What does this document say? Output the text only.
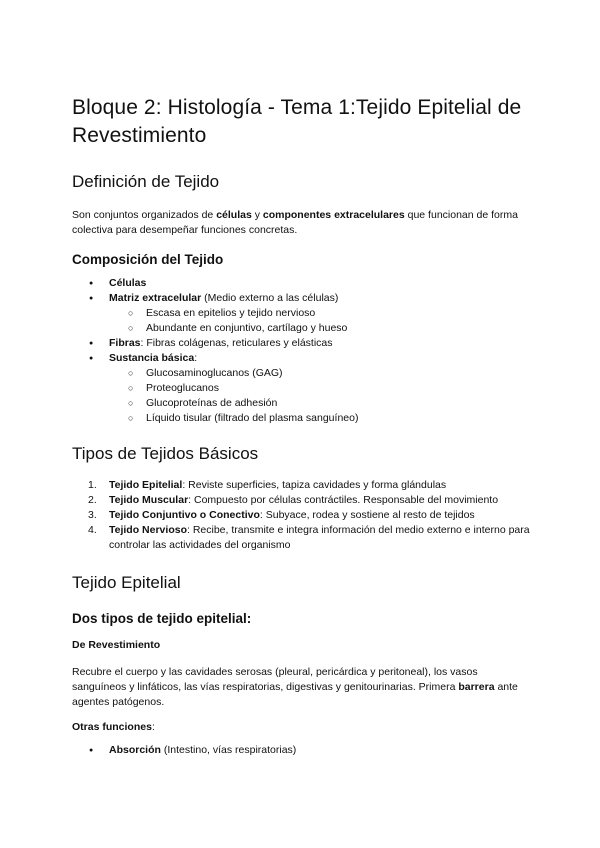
Bloque 2: Histología - Tema 1:Tejido Epitelial de Revestimiento
Definición de Tejido

Son conjuntos organizados de células y componentes extracelulares que funcionan de forma colectiva para desempeñar funciones concretas.

Composición del Tejido
● Células
● Matriz extracelular (Medio externo a las células)
○ Escasa en epitelios y tejido nervioso
○ Abundante en conjuntivo, cartílago y hueso
● Fibras: Fibras colágenas, reticulares y elásticas
● Sustancia básica:
○ Glucosaminoglucanos (GAG)
○ Proteoglucanos
○ Glucoproteínas de adhesión
○ Líquido tisular (filtrado del plasma sanguíneo)
Tipos de Tejidos Básicos
1. Tejido Epitelial: Reviste superficies, tapiza cavidades y forma glándulas
2. Tejido Muscular: Compuesto por células contráctiles. Responsable del movimiento
3. Tejido Conjuntivo o Conectivo: Subyace, rodea y sostiene al resto de tejidos
4. Tejido Nervioso: Recibe, transmite e integra información del medio externo e interno para controlar las actividades del organismo
Tejido Epitelial
Dos tipos de tejido epitelial:
De Revestimiento

Recubre el cuerpo y las cavidades serosas (pleural, pericárdica y peritoneal), los vasos sanguíneos y linfáticos, las vías respiratorias, digestivas y genitourinarias. Primera barrera ante agentes patógenos.

Otras funciones:

● Absorción (Intestino, vías respiratorias)
